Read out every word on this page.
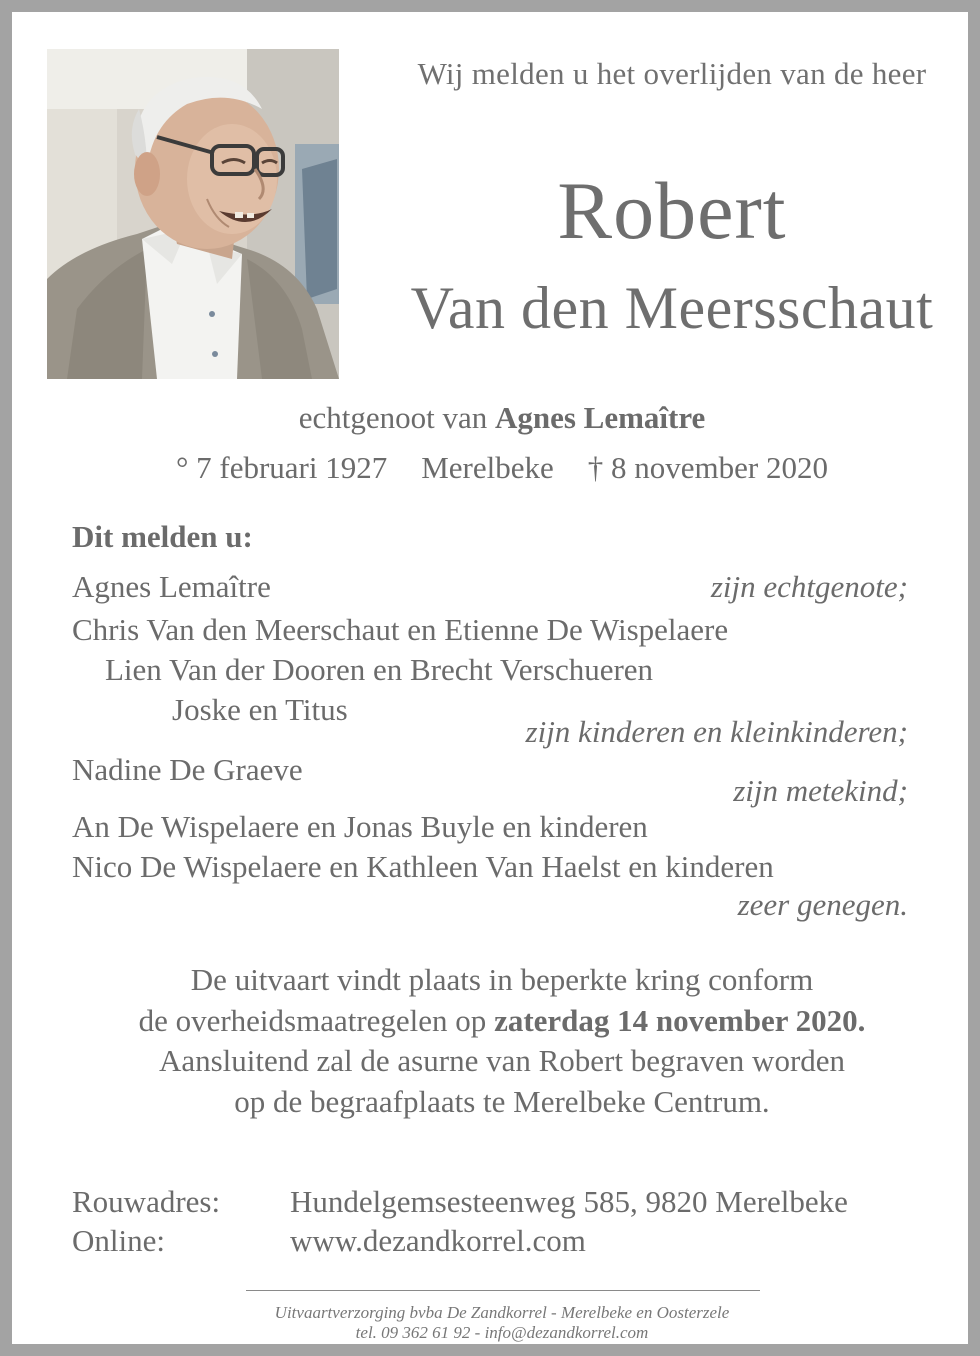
Wij melden u het overlijden van de heer
Robert
Van den Meersschaut
echtgenoot van Agnes Lemaître
° 7 februari 1927 Merelbeke † 8 november 2020
Dit melden u:
Agnes Lemaître	zijn echtgenote;
Chris Van den Meerschaut en Etienne De Wispelaere
Lien Van der Dooren en Brecht Verschueren
Joske en Titus
zijn kinderen en kleinkinderen;
Nadine De Graeve
zijn metekind;
An De Wispelaere en Jonas Buyle en kinderen
Nico De Wispelaere en Kathleen Van Haelst en kinderen
zeer genegen.
De uitvaart vindt plaats in beperkte kring conform
de overheidsmaatregelen op zaterdag 14 november 2020.
Aansluitend zal de asurne van Robert begraven worden
op de begraafplaats te Merelbeke Centrum.
Rouwadres: Hundelgemsesteenweg 585, 9820 Merelbeke
Online:	www.dezandkorrel.com
Uitvaartverzorging bvba De Zandkorrel - Merelbeke en Oosterzele
tel. 09 362 61 92 - info@dezandkorrel.com
